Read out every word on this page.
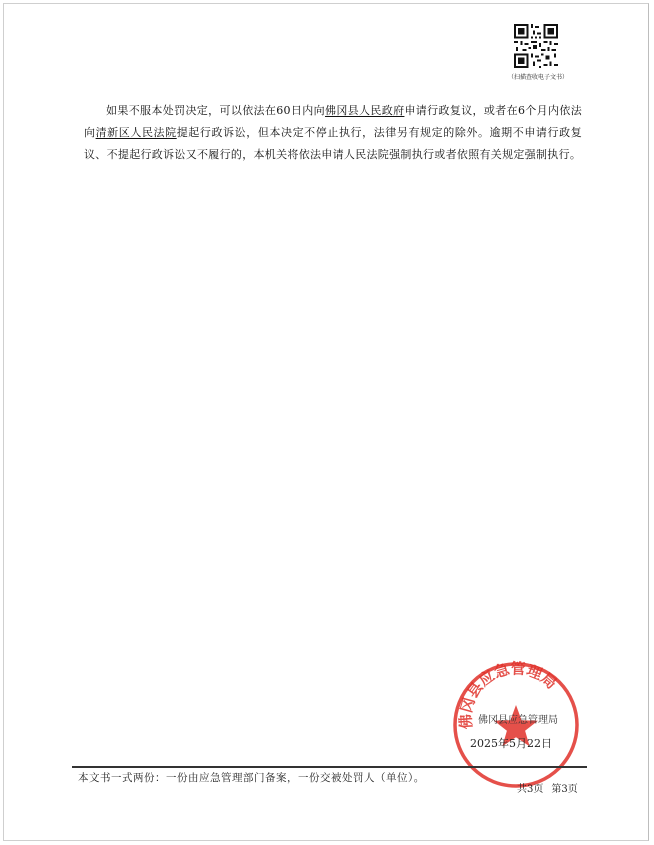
（扫描查收电子文书）

如果不服本处罚决定，可以依法在60日内向佛冈县人民政府申请行政复议，或者在6个月内依法向清新区人民法院提起行政诉讼，但本决定不停止执行，法律另有规定的除外。逾期不申请行政复议、不提起行政诉讼又不履行的，本机关将依法申请人民法院强制执行或者依照有关规定强制执行。

佛冈县应急管理局
佛冈县应急管理局
2025年5月22日
本文书一式两份：一份由应急管理部门备案，一份交被处罚人（单位）。
共3页 第3页
